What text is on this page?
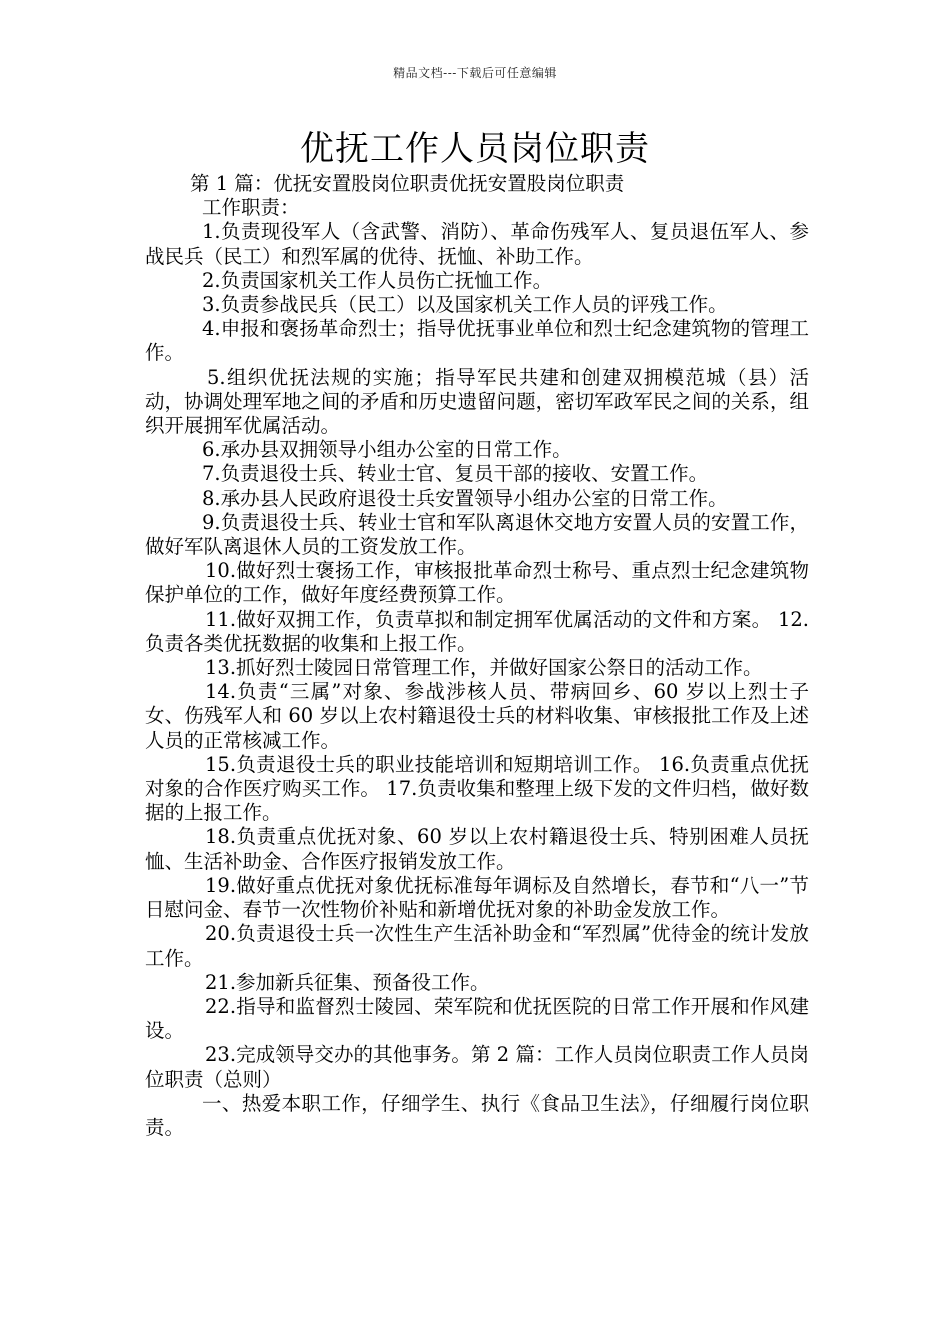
精品文档---下载后可任意编辑
优抚工作人员岗位职责

第 1 篇：优抚安置股岗位职责优抚安置股岗位职责

工作职责：

1.负责现役军人（含武警、消防）、革命伤残军人、复员退伍军人、参战民兵（民工）和烈军属的优待、抚恤、补助工作。

2.负责国家机关工作人员伤亡抚恤工作。

3.负责参战民兵（民工）以及国家机关工作人员的评残工作。

4.申报和褒扬革命烈士；指导优抚事业单位和烈士纪念建筑物的管理工作。

5.组织优抚法规的实施；指导军民共建和创建双拥模范城（县）活动，协调处理军地之间的矛盾和历史遗留问题，密切军政军民之间的关系，组织开展拥军优属活动。

6.承办县双拥领导小组办公室的日常工作。

7.负责退役士兵、转业士官、复员干部的接收、安置工作。

8.承办县人民政府退役士兵安置领导小组办公室的日常工作。

9.负责退役士兵、转业士官和军队离退休交地方安置人员的安置工作，做好军队离退休人员的工资发放工作。

10.做好烈士褒扬工作，审核报批革命烈士称号、重点烈士纪念建筑物保护单位的工作，做好年度经费预算工作。

11.做好双拥工作，负责草拟和制定拥军优属活动的文件和方案。 12.负责各类优抚数据的收集和上报工作。

13.抓好烈士陵园日常管理工作，并做好国家公祭日的活动工作。

14.负责“三属”对象、参战涉核人员、带病回乡、60 岁以上烈士子女、伤残军人和 60 岁以上农村籍退役士兵的材料收集、审核报批工作及上述人员的正常核减工作。

15.负责退役士兵的职业技能培训和短期培训工作。 16.负责重点优抚对象的合作医疗购买工作。 17.负责收集和整理上级下发的文件归档，做好数据的上报工作。

18.负责重点优抚对象、60 岁以上农村籍退役士兵、特别困难人员抚恤、生活补助金、合作医疗报销发放工作。

19.做好重点优抚对象优抚标准每年调标及自然增长，春节和“八一”节日慰问金、春节一次性物价补贴和新增优抚对象的补助金发放工作。

20.负责退役士兵一次性生产生活补助金和“军烈属”优待金的统计发放工作。

21.参加新兵征集、预备役工作。

22.指导和监督烈士陵园、荣军院和优抚医院的日常工作开展和作风建设。

23.完成领导交办的其他事务。第 2 篇：工作人员岗位职责工作人员岗位职责（总则）

一、热爱本职工作，仔细学生、执行《食品卫生法》，仔细履行岗位职责。
